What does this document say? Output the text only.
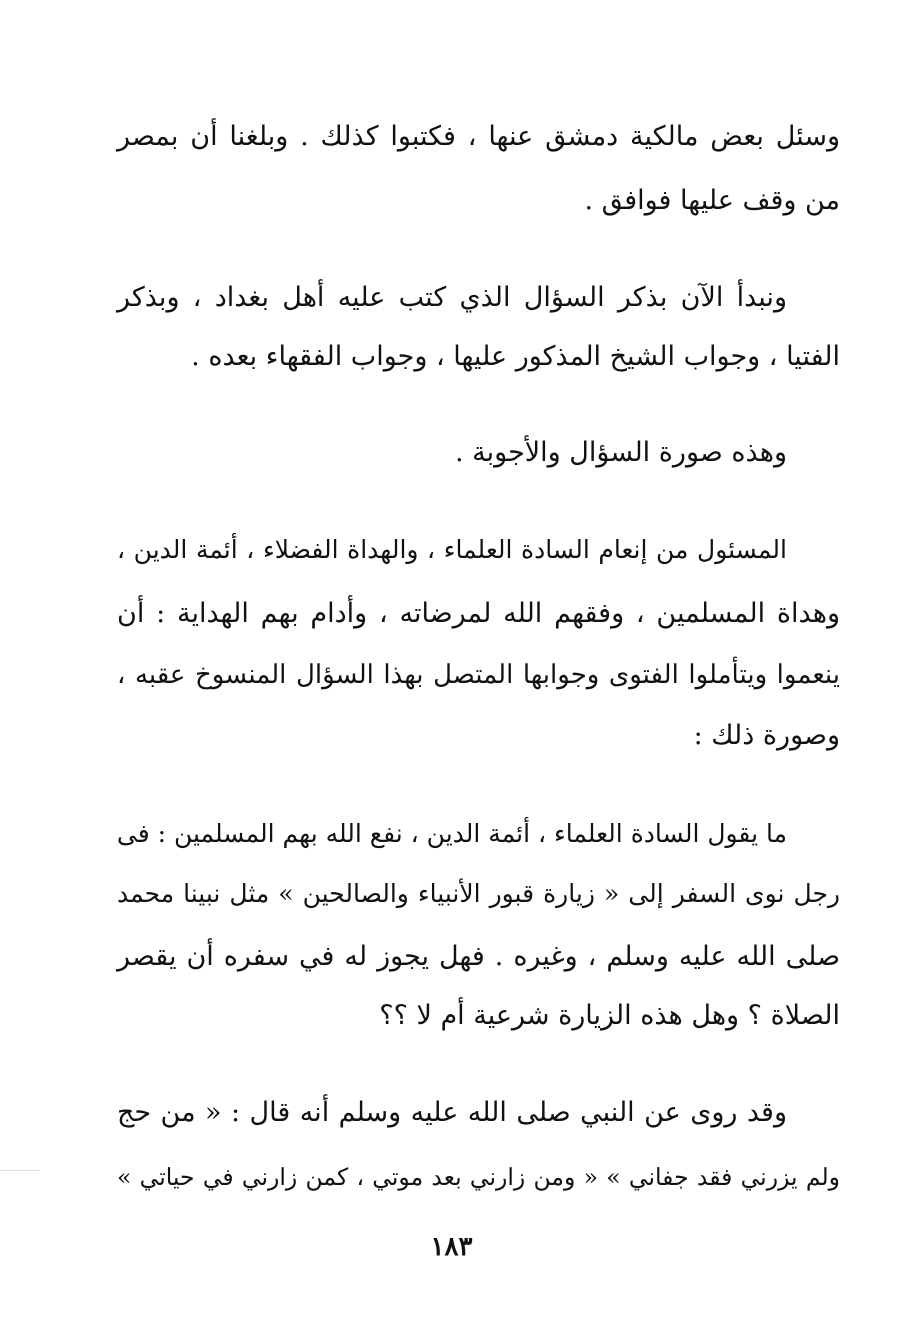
وسئل بعض مالكية دمشق عنها ، فكتبوا كذلك . وبلغنا أن بمصر
من وقف عليها فوافق .
ونبدأ الآن بذكر السؤال الذي كتب عليه أهل بغداد ، وبذكر
الفتيا ، وجواب الشيخ المذكور عليها ، وجواب الفقهاء بعده .
وهذه صورة السؤال والأجوبة .
المسئول من إنعام السادة العلماء ، والهداة الفضلاء ، أئمة الدين ،
وهداة المسلمين ، وفقهم الله لمرضاته ، وأدام بهم الهداية : أن
ينعموا ويتأملوا الفتوى وجوابها المتصل بهذا السؤال المنسوخ عقبه ،
وصورة ذلك :
ما يقول السادة العلماء ، أئمة الدين ، نفع الله بهم المسلمين : فى
رجل نوى السفر إلى « زيارة قبور الأنبياء والصالحين » مثل نبينا محمد
صلى الله عليه وسلم ، وغيره . فهل يجوز له في سفره أن يقصر
الصلاة ؟ وهل هذه الزيارة شرعية أم لا ؟؟
وقد روى عن النبي صلى الله عليه وسلم أنه قال : « من حج
ولم يزرني فقد جفاني » « ومن زارني بعد موتي ، كمن زارني في حياتي »
١٨٣
